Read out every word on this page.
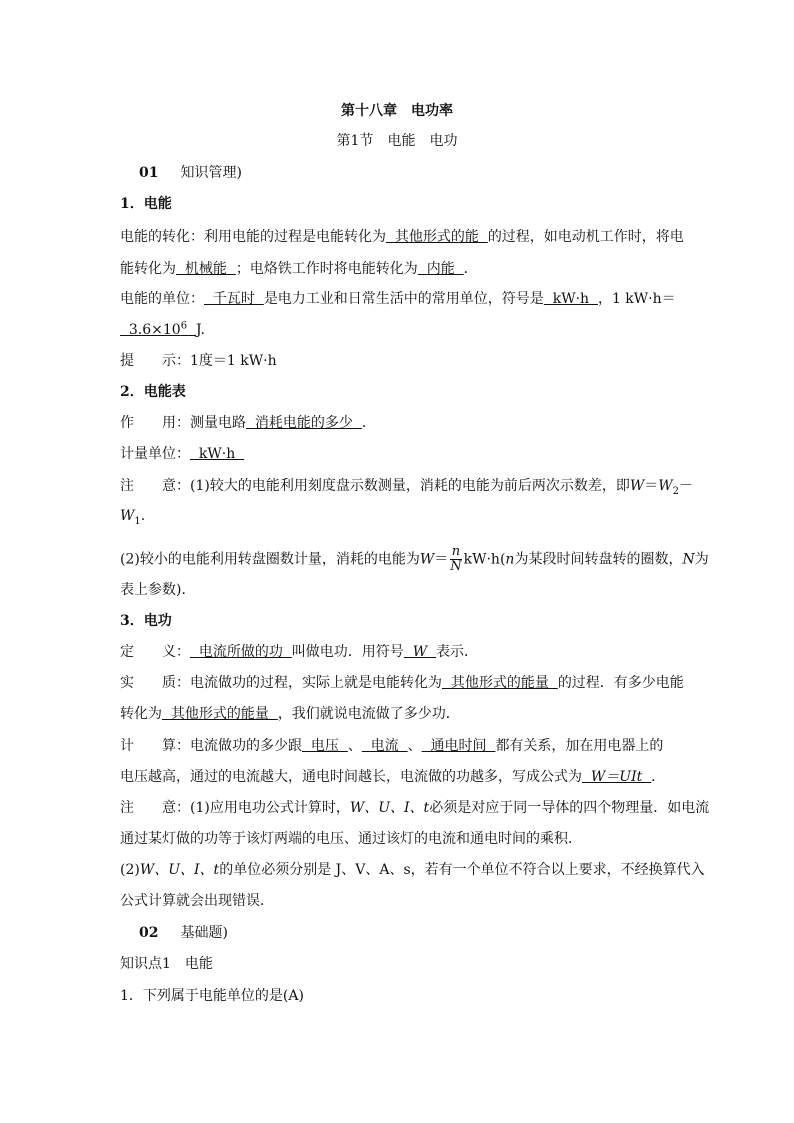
第十八章　电功率
第1节　电能　电功
01 知识管理)
1．电能
电能的转化：利用电能的过程是电能转化为  其他形式的能  的过程，如电动机工作时，将电
能转化为  机械能  ；电烙铁工作时将电能转化为  内能  ．
电能的单位：  千瓦时  是电力工业和日常生活中的常用单位，符号是  kW·h  ，1 kW·h＝
$3.6\times 10^6$ J.
提　　示：1度＝1 kW·h
2．电能表
作　　用：测量电路  消耗电能的多少  ．
计量单位：  kW·h
注　　意：(1)较大的电能利用刻度盘示数测量，消耗的电能为前后两次示数差，即$W=W_2-$
$W_1$.
(2)较小的电能利用转盘圈数计量，消耗的电能为$W= \frac{n}{N} kW\cdot h(n$为某段时间转盘转的圈数，N为
表上参数)．
3．电功
定　　义：  电流所做的功  叫做电功．用符号  W  表示．
实　　质：电流做功的过程，实际上就是电能转化为  其他形式的能量  的过程．有多少电能
转化为  其他形式的能量  ，我们就说电流做了多少功．
计　　算：电流做功的多少跟  电压  、  电流  、  通电时间  都有关系，加在用电器上的
电压越高，通过的电流越大，通电时间越长，电流做的功越多，写成公式为  W＝UIt  ．
注　　意：(1)应用电功公式计算时，W、U、I、t必须是对应于同一导体的四个物理量．如电流
通过某灯做的功等于该灯两端的电压、通过该灯的电流和通电时间的乘积．
(2)W、U、I、t的单位必须分别是 J、V、A、s，若有一个单位不符合以上要求，不经换算代入
公式计算就会出现错误．
02 基础题)
知识点1　电能
1．下列属于电能单位的是(A)
